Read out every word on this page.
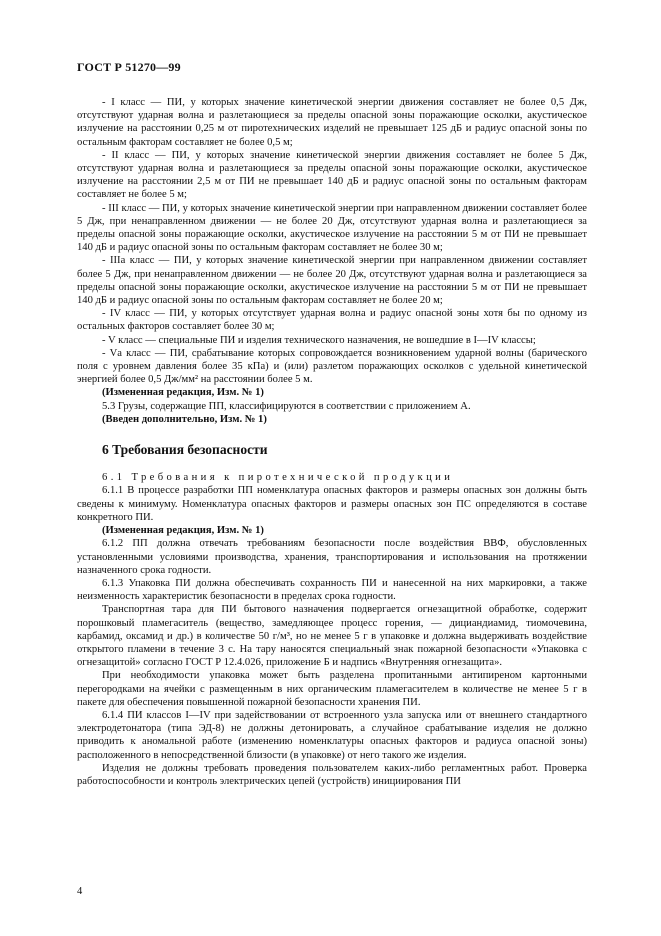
ГОСТ Р 51270—99

- I класс — ПИ, у которых значение кинетической энергии движения составляет не более 0,5 Дж, отсутствуют ударная волна и разлетающиеся за пределы опасной зоны поражающие осколки, акустическое излучение на расстоянии 0,25 м от пиротехнических изделий не превышает 125 дБ и радиус опасной зоны по остальным факторам составляет не более 0,5 м;

- II класс — ПИ, у которых значение кинетической энергии движения составляет не более 5 Дж, отсутствуют ударная волна и разлетающиеся за пределы опасной зоны поражающие осколки, акустическое излучение на расстоянии 2,5 м от ПИ не превышает 140 дБ и радиус опасной зоны по остальным факторам составляет не более 5 м;

- III класс — ПИ, у которых значение кинетической энергии при направленном движении составляет более 5 Дж, при ненаправленном движении — не более 20 Дж, отсутствуют ударная волна и разлетающиеся за пределы опасной зоны поражающие осколки, акустическое излучение на расстоянии 5 м от ПИ не превышает 140 дБ и радиус опасной зоны по остальным факторам составляет не более 30 м;

- IIIа класс — ПИ, у которых значение кинетической энергии при направленном движении составляет более 5 Дж, при ненаправленном движении — не более 20 Дж, отсутствуют ударная волна и разлетающиеся за пределы опасной зоны поражающие осколки, акустическое излучение на расстоянии 5 м от ПИ не превышает 140 дБ и радиус опасной зоны по остальным факторам составляет не более 20 м;

- IV класс — ПИ, у которых отсутствует ударная волна и радиус опасной зоны хотя бы по одному из остальных факторов составляет более 30 м;

- V класс — специальные ПИ и изделия технического назначения, не вошедшие в I—IV классы;

- Vа класс — ПИ, срабатывание которых сопровождается возникновением ударной волны (барического поля с уровнем давления более 35 кПа) и (или) разлетом поражающих осколков с удельной кинетической энергией более 0,5 Дж/мм² на расстоянии более 5 м.

(Измененная редакция, Изм. № 1)

5.3 Грузы, содержащие ПП, классифицируются в соответствии с приложением А.

(Введен дополнительно, Изм. № 1)

6 Требования безопасности

6.1 Требования к пиротехнической продукции

6.1.1 В процессе разработки ПП номенклатура опасных факторов и размеры опасных зон должны быть сведены к минимуму. Номенклатура опасных факторов и размеры опасных зон ПС определяются в составе конкретного ПИ.

(Измененная редакция, Изм. № 1)

6.1.2 ПП должна отвечать требованиям безопасности после воздействия ВВФ, обусловленных установленными условиями производства, хранения, транспортирования и использования на протяжении назначенного срока годности.

6.1.3 Упаковка ПИ должна обеспечивать сохранность ПИ и нанесенной на них маркировки, а также неизменность характеристик безопасности в пределах срока годности.

Транспортная тара для ПИ бытового назначения подвергается огнезащитной обработке, содержит порошковый пламегаситель (вещество, замедляющее процесс горения, — дициандиамид, тиомочевина, карбамид, оксамид и др.) в количестве 50 г/м³, но не менее 5 г в упаковке и должна выдерживать воздействие открытого пламени в течение 3 с. На тару наносятся специальный знак пожарной безопасности «Упаковка с огнезащитой» согласно ГОСТ Р 12.4.026, приложение Б и надпись «Внутренняя огнезащита».

При необходимости упаковка может быть разделена пропитанными антипиреном картонными перегородками на ячейки с размещенным в них органическим пламегасителем в количестве не менее 5 г в пакете для обеспечения повышенной пожарной безопасности хранения ПИ.

6.1.4 ПИ классов I—IV при задействовании от встроенного узла запуска или от внешнего стандартного электродетонатора (типа ЭД-8) не должны детонировать, а случайное срабатывание изделия не должно приводить к аномальной работе (изменению номенклатуры опасных факторов и радиуса опасной зоны) расположенного в непосредственной близости (в упаковке) от него такого же изделия.

Изделия не должны требовать проведения пользователем каких-либо регламентных работ. Проверка работоспособности и контроль электрических цепей (устройств) инициирования ПИ

4
